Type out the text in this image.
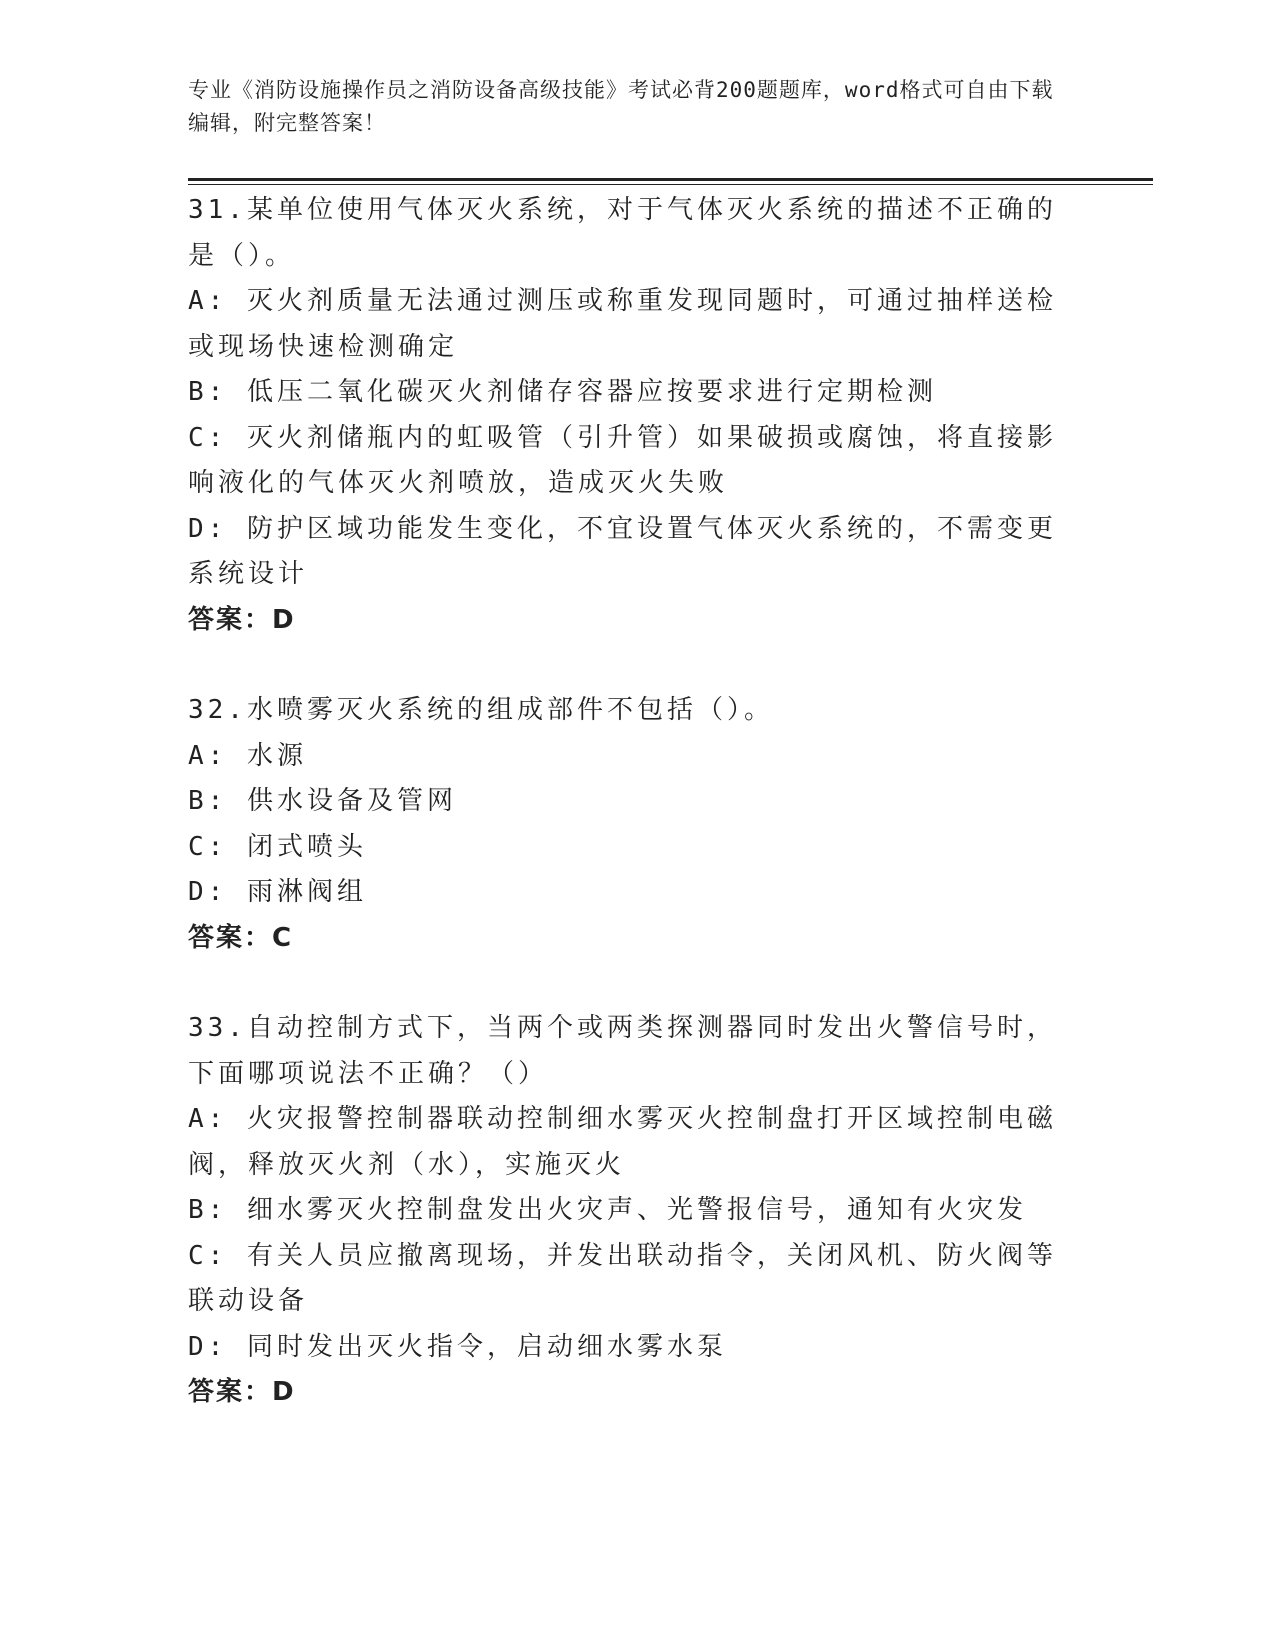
专业《消防设施操作员之消防设备高级技能》考试必背200题题库，word格式可自由下载编辑，附完整答案！

31.某单位使用气体灭火系统，对于气体灭火系统的描述不正确的是（）。

A: 灭火剂质量无法通过测压或称重发现同题时，可通过抽样送检或现场快速检测确定

B: 低压二氧化碳灭火剂储存容器应按要求进行定期检测

C: 灭火剂储瓶内的虹吸管（引升管）如果破损或腐蚀，将直接影响液化的气体灭火剂喷放，造成灭火失败

D: 防护区域功能发生变化，不宜设置气体灭火系统的，不需变更系统设计

答案：D

32.水喷雾灭火系统的组成部件不包括（）。

A: 水源

B: 供水设备及管网

C: 闭式喷头

D: 雨淋阀组

答案：C

33.自动控制方式下，当两个或两类探测器同时发出火警信号时，下面哪项说法不正确？（）

A: 火灾报警控制器联动控制细水雾灭火控制盘打开区域控制电磁阀，释放灭火剂（水），实施灭火

B: 细水雾灭火控制盘发出火灾声、光警报信号，通知有火灾发

C: 有关人员应撤离现场，并发出联动指令，关闭风机、防火阀等联动设备

D: 同时发出灭火指令，启动细水雾水泵

答案：D
